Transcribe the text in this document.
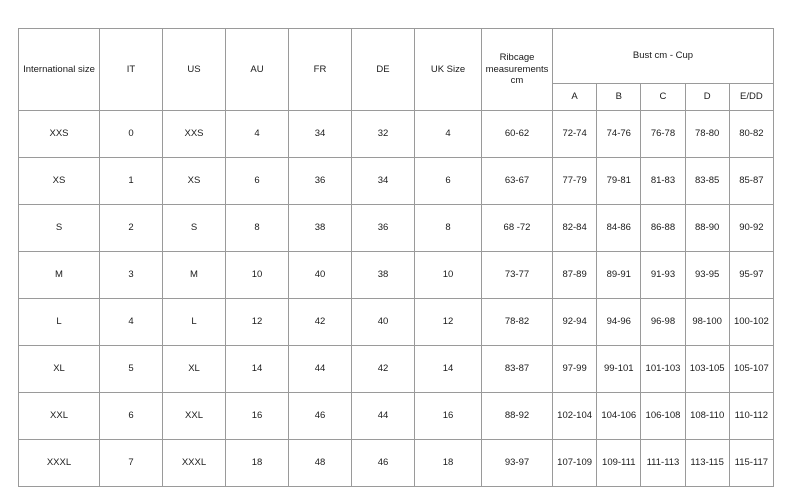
International size	IT	US	AU	FR	DE	UK Size	Ribcage measurements cm	Bust cm - Cup				
								A	B	C	D	E/DD
XXS	0	XXS	4	34	32	4	60-62	72-74	74-76	76-78	78-80	80-82
XS	1	XS	6	36	34	6	63-67	77-79	79-81	81-83	83-85	85-87
S	2	S	8	38	36	8	68 -72	82-84	84-86	86-88	88-90	90-92
M	3	M	10	40	38	10	73-77	87-89	89-91	91-93	93-95	95-97
L	4	L	12	42	40	12	78-82	92-94	94-96	96-98	98-100	100-102
XL	5	XL	14	44	42	14	83-87	97-99	99-101	101-103	103-105	105-107
XXL	6	XXL	16	46	44	16	88-92	102-104	104-106	106-108	108-110	110-112
XXXL	7	XXXL	18	48	46	18	93-97	107-109	109-111	111-113	113-115	115-117
